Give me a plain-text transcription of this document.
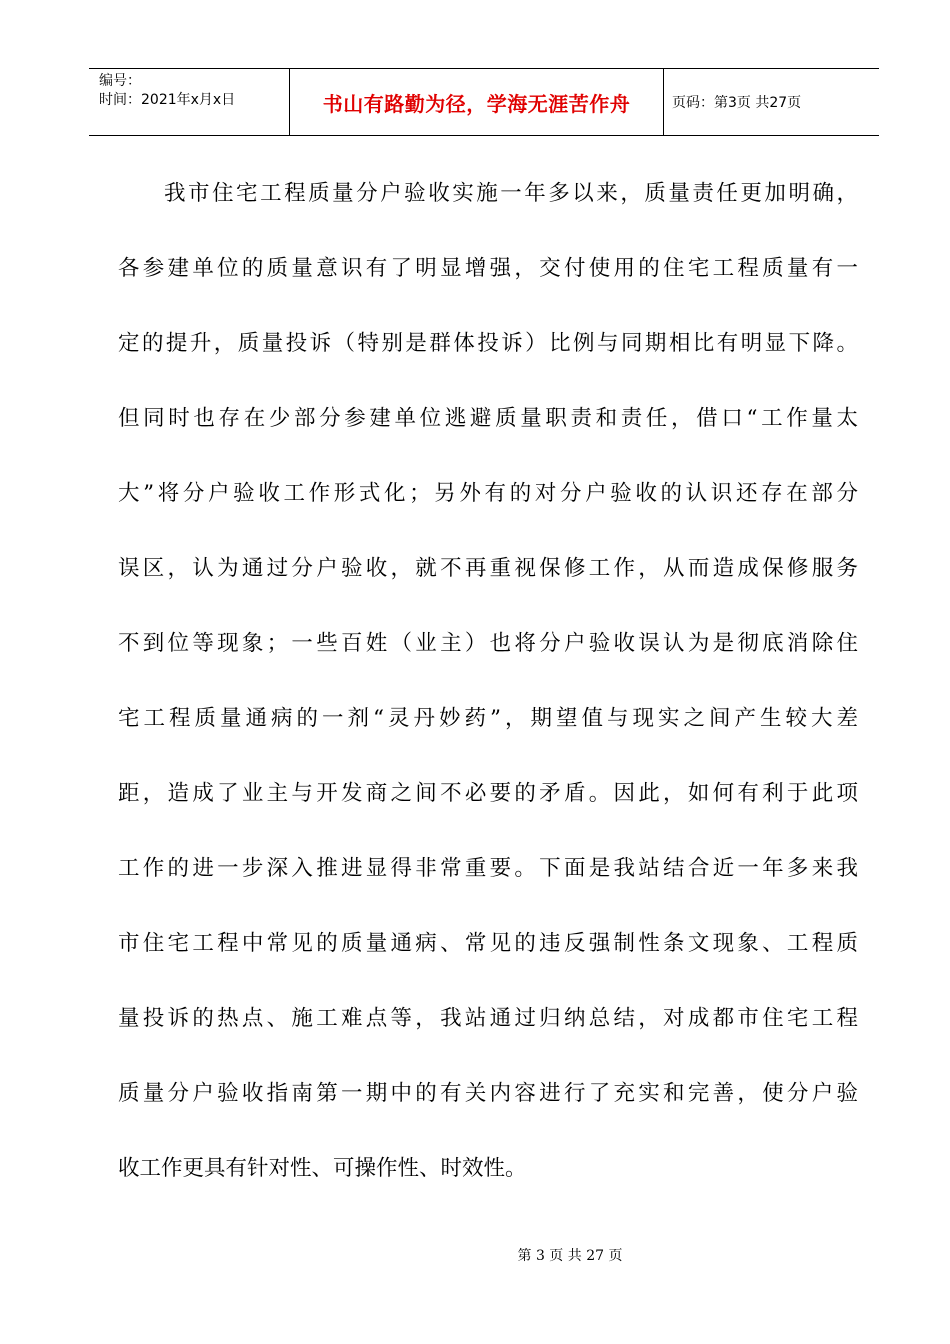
编号：
时间：2021年x月x日	书山有路勤为径，学海无涯苦作舟	页码：第3页 共27页
我市住宅工程质量分户验收实施一年多以来，质量责任更加明确，
各参建单位的质量意识有了明显增强，交付使用的住宅工程质量有一
定的提升，质量投诉（特别是群体投诉）比例与同期相比有明显下降。
但同时也存在少部分参建单位逃避质量职责和责任，借口“工作量太
大”将分户验收工作形式化；另外有的对分户验收的认识还存在部分
误区，认为通过分户验收，就不再重视保修工作，从而造成保修服务
不到位等现象；一些百姓（业主）也将分户验收误认为是彻底消除住
宅工程质量通病的一剂“灵丹妙药”，期望值与现实之间产生较大差
距，造成了业主与开发商之间不必要的矛盾。因此，如何有利于此项
工作的进一步深入推进显得非常重要。下面是我站结合近一年多来我
市住宅工程中常见的质量通病、常见的违反强制性条文现象、工程质
量投诉的热点、施工难点等，我站通过归纳总结，对成都市住宅工程
质量分户验收指南第一期中的有关内容进行了充实和完善，使分户验
收工作更具有针对性、可操作性、时效性。
第 3 页 共 27 页
